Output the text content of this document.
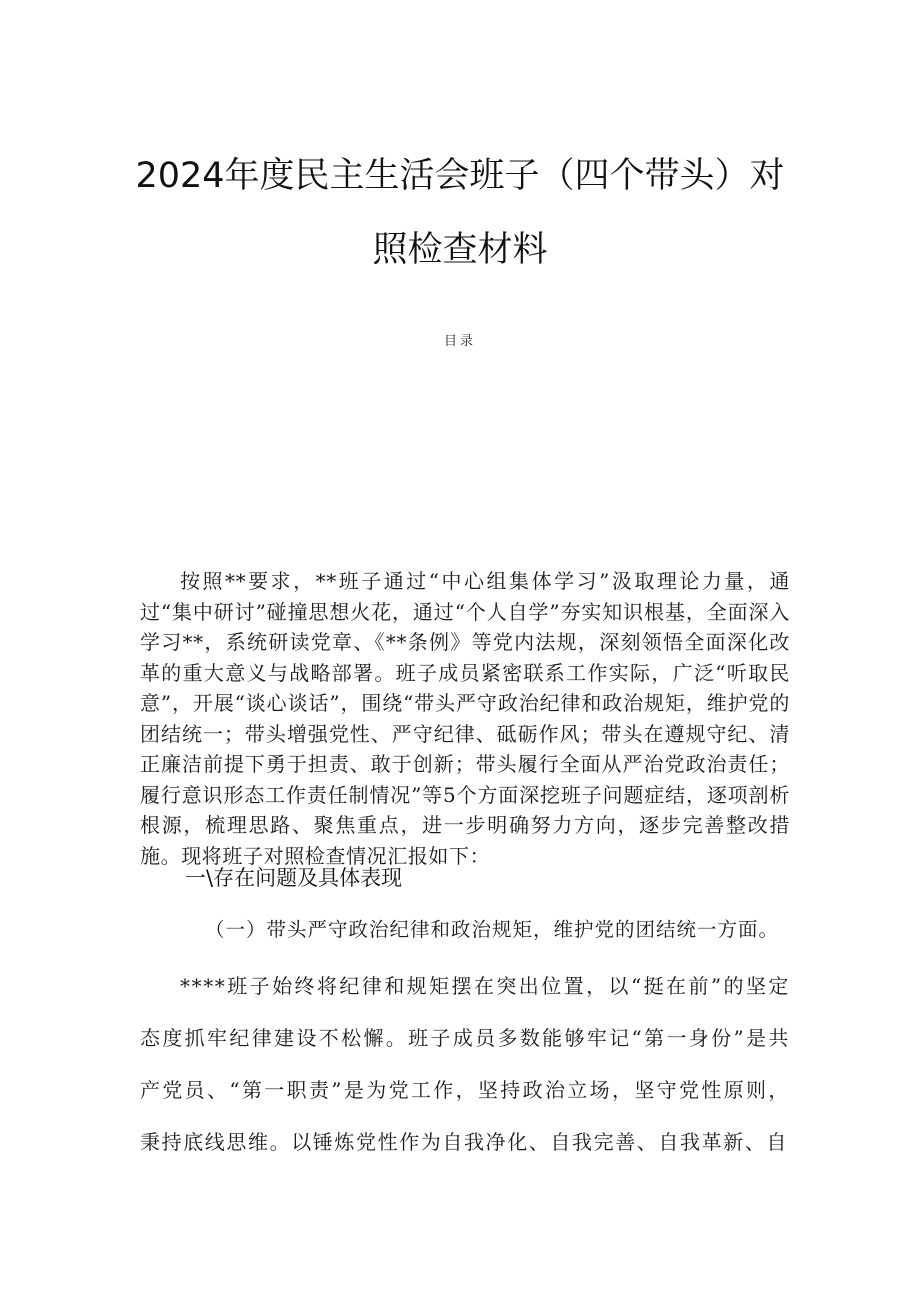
2024年度民主生活会班子（四个带头）对
照检查材料
目录

按照**要求，**班子通过“中心组集体学习”汲取理论力量，通过“集中研讨”碰撞思想火花，通过“个人自学”夯实知识根基，全面深入学习**，系统研读党章、《**条例》等党内法规，深刻领悟全面深化改革的重大意义与战略部署。班子成员紧密联系工作实际，广泛“听取民意”，开展“谈心谈话”，围绕“带头严守政治纪律和政治规矩，维护党的团结统一；带头增强党性、严守纪律、砥砺作风；带头在遵规守纪、清正廉洁前提下勇于担责、敢于创新；带头履行全面从严治党政治责任；履行意识形态工作责任制情况”等5个方面深挖班子问题症结，逐项剖析根源，梳理思路、聚焦重点，进一步明确努力方向，逐步完善整改措施。现将班子对照检查情况汇报如下：

一\存在问题及具体表现

（一）带头严守政治纪律和政治规矩，维护党的团结统一方面。

****班子始终将纪律和规矩摆在突出位置，以“挺在前”的坚定态度抓牢纪律建设不松懈。班子成员多数能够牢记“第一身份”是共产党员、“第一职责”是为党工作，坚持政治立场，坚守党性原则，秉持底线思维。以锤炼党性作为自我净化、自我完善、自我革新、自
